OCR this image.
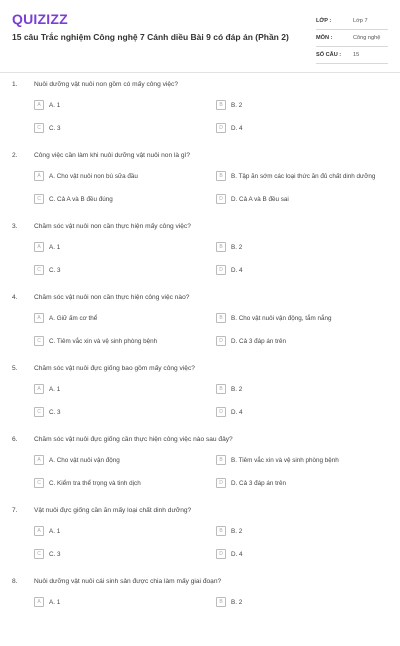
QUIZIZZ
15 câu Trắc nghiệm Công nghệ 7 Cánh diều Bài 9 có đáp án (Phần 2)
LỚP :	Lớp 7
MÔN :	Công nghệ
SỐ CÂU :	15
1.	Nuôi dưỡng vật nuôi non gồm có mấy công việc?
A	A. 1	B	B. 2
C	C. 3	D	D. 4
2.	Công việc cần làm khi nuôi dưỡng vật nuôi non là gì?
A	A. Cho vật nuôi non bú sữa đầu	B	B. Tập ăn sớm các loại thức ăn đủ chất dinh dưỡng
C	C. Cả A và B đều đúng	D	D. Cả A và B đều sai
3.	Chăm sóc vật nuôi non cần thực hiện mấy công việc?
A	A. 1	B	B. 2
C	C. 3	D	D. 4
4.	Chăm sóc vật nuôi non cần thực hiện công việc nào?
A	A. Giữ ấm cơ thể	B	B. Cho vật nuôi vận động, tắm nắng
C	C. Tiêm vắc xin và vệ sinh phòng bệnh	D	D. Cả 3 đáp án trên
5.	Chăm sóc vật nuôi đực giống bao gồm mấy công việc?
A	A. 1	B	B. 2
C	C. 3	D	D. 4
6.	Chăm sóc vật nuôi đực giống cần thực hiện công việc nào sau đây?
A	A. Cho vật nuôi vận động	B	B. Tiêm vắc xin và vệ sinh phòng bệnh
C	C. Kiểm tra thể trọng và tinh dịch	D	D. Cả 3 đáp án trên
7.	Vật nuôi đực giống cần ăn mấy loại chất dinh dưỡng?
A	A. 1	B	B. 2
C	C. 3	D	D. 4
8.	Nuôi dưỡng vật nuôi cái sinh sản được chia làm mấy giai đoạn?
A	A. 1	B	B. 2
